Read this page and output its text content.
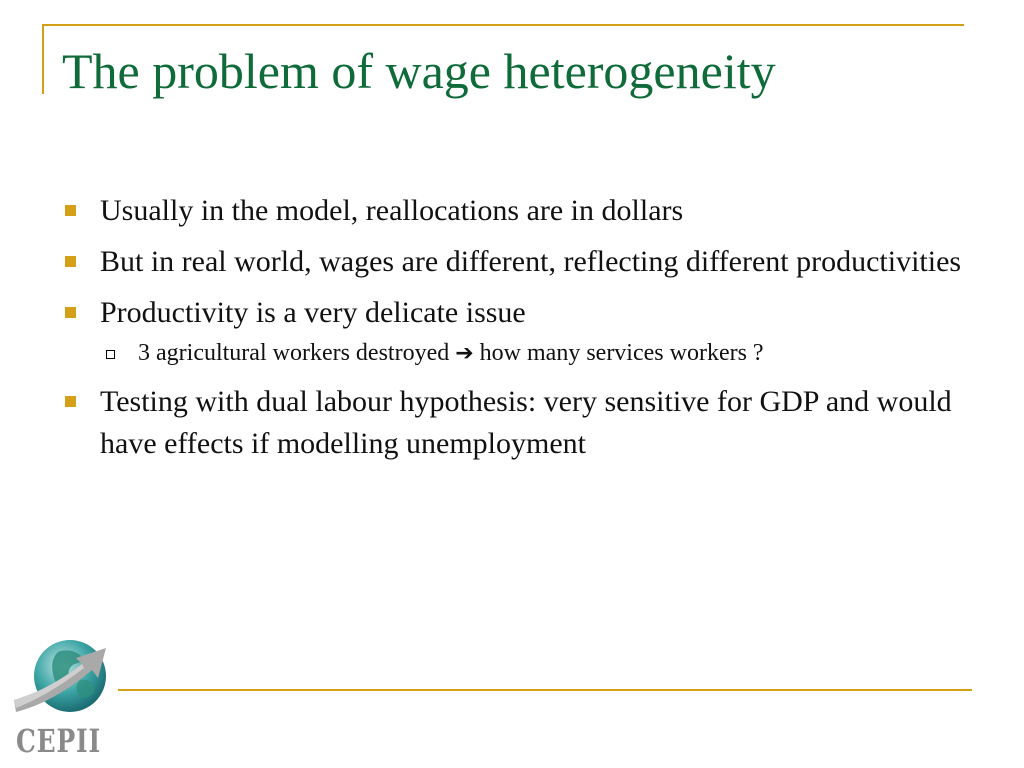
The problem of wage heterogeneity
Usually in the model, reallocations are in dollars
But in real world, wages are different, reflecting different productivities
Productivity is a very delicate issue
3 agricultural workers destroyed ➔ how many services workers ?
Testing with dual labour hypothesis: very sensitive for GDP and would have effects if modelling unemployment
CEPII
